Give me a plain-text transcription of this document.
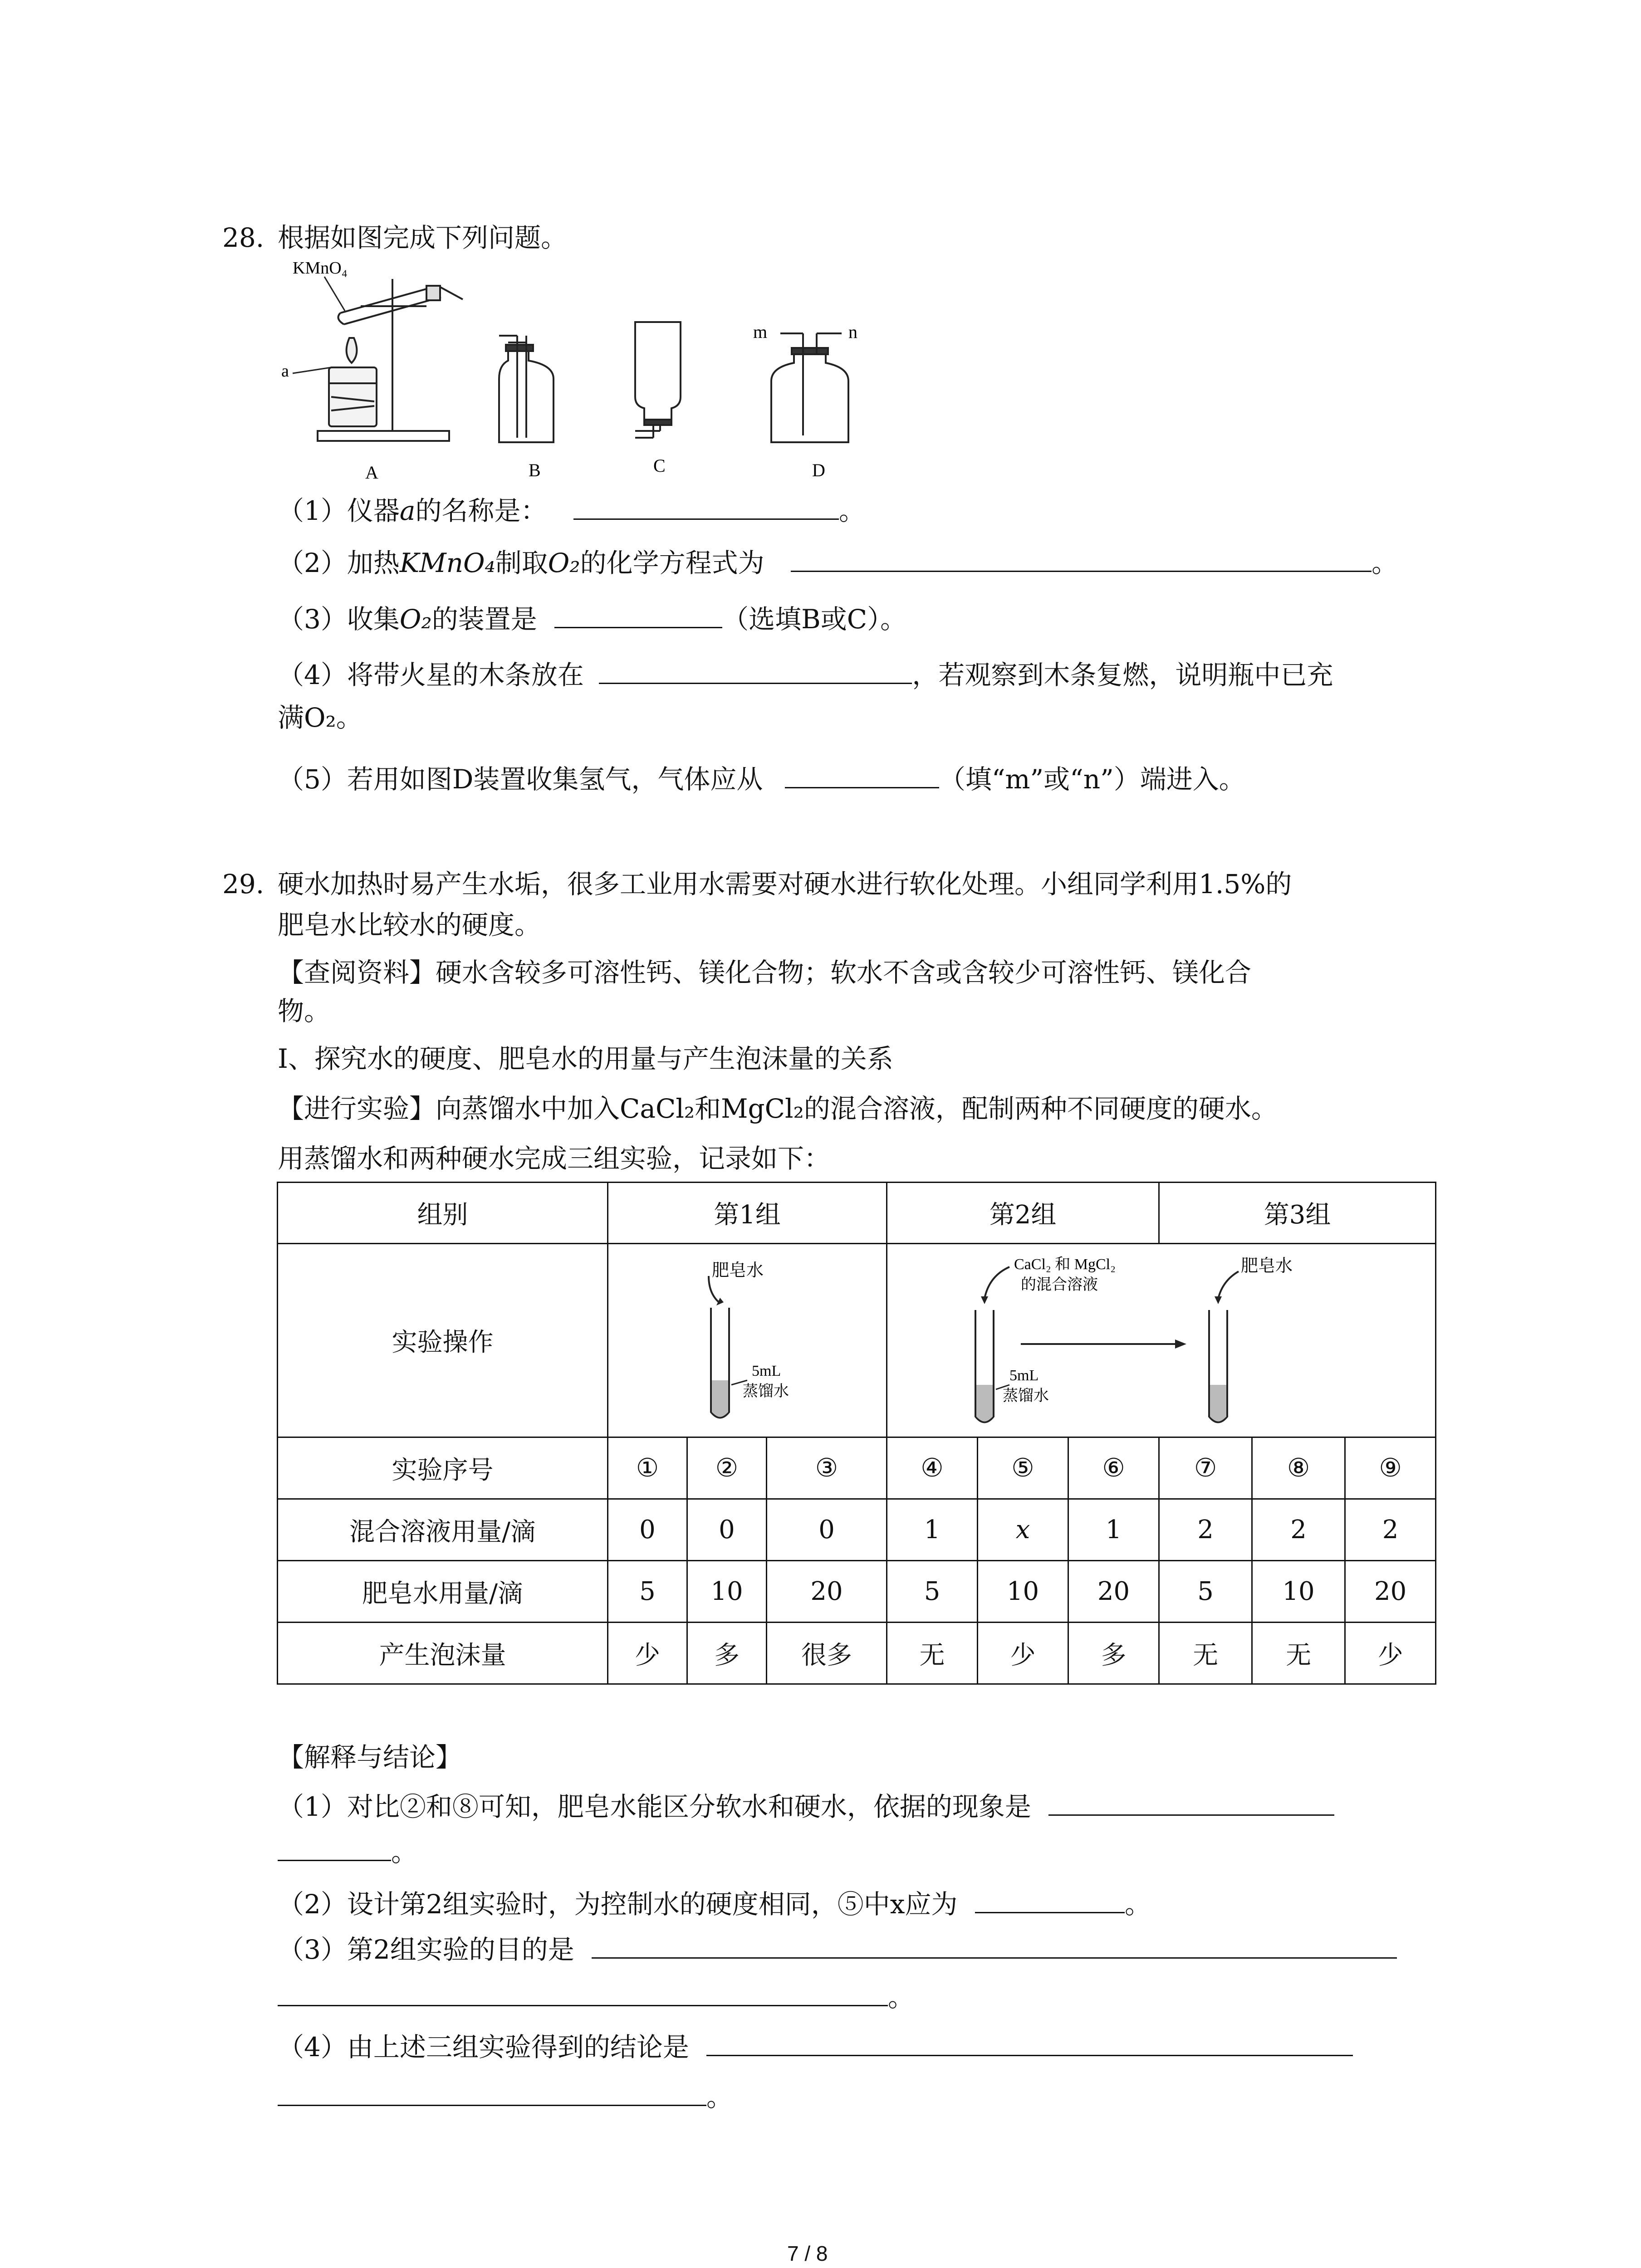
28. 根据如图完成下列问题。
KMnO₄
a
m	n
A	B	C	D
（1）仪器a的名称是：	。
（2）加热KMnO₄制取O₂的化学方程式为	。
（3）收集O₂的装置是	（选填B或C）。
（4）将带火星的木条放在	，若观察到木条复燃，说明瓶中已充
满O₂。
（5）若用如图D装置收集氢气，气体应从	（填“m”或“n”）端进入。
29. 硬水加热时易产生水垢，很多工业用水需要对硬水进行软化处理。小组同学利用1.5%的
肥皂水比较水的硬度。
【查阅资料】硬水含较多可溶性钙、镁化合物；软水不含或含较少可溶性钙、镁化合
物。
Ⅰ、探究水的硬度、肥皂水的用量与产生泡沫量的关系
【进行实验】向蒸馏水中加入CaCl₂和MgCl₂的混合溶液，配制两种不同硬度的硬水。
用蒸馏水和两种硬水完成三组实验，记录如下：
组别	第1组			第2组			第3组		
实验操作	肥皂水
5mL
蒸馏水			CaCl₂ 和 MgCl₂
的混合溶液
5mL
蒸馏水
肥皂水					

实验序号	①	②	③	④	⑤	⑥	⑦	⑧	⑨
混合溶液用量/滴	0	0	0	1	x	1	2	2	2
肥皂水用量/滴	5	10	20	5	10	20	5	10	20
产生泡沫量	少	多	很多	无	少	多	无	无	少
【解释与结论】
（1）对比②和⑧可知，肥皂水能区分软水和硬水，依据的现象是
。
（2）设计第2组实验时，为控制水的硬度相同，⑤中x应为	。
（3）第2组实验的目的是
。
（4）由上述三组实验得到的结论是
。
7 / 8
